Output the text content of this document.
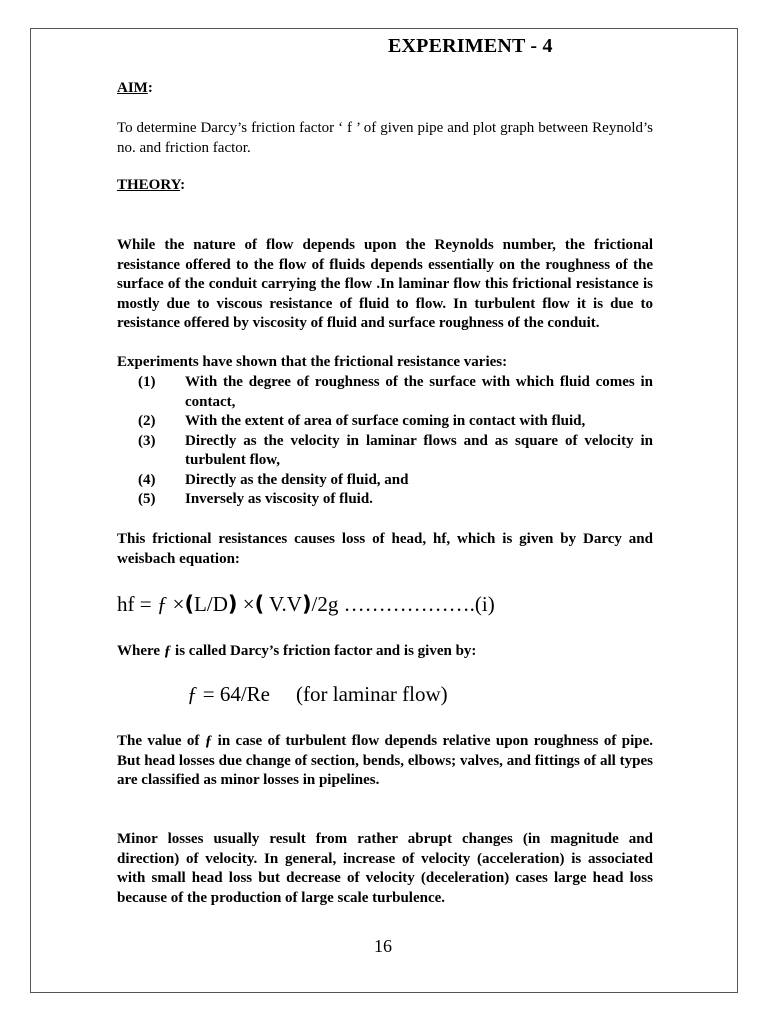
EXPERIMENT - 4
AIM:

To determine Darcy’s friction factor ‘ f ’ of given pipe and plot graph between Reynold’s no. and friction factor.

THEORY:

While the nature of flow depends upon the Reynolds number, the frictional resistance offered to the flow of fluids depends essentially on the roughness of the surface of the conduit carrying the flow .In laminar flow this frictional resistance is mostly due to viscous resistance of fluid to flow. In turbulent flow it is due to resistance offered by viscosity of fluid and surface roughness of the conduit.

Experiments have shown that the frictional resistance varies:

(1)	With the degree of roughness of the surface with which fluid comes in contact,
(2)	With the extent of area of surface coming in contact with fluid,
(3)	Directly as the velocity in laminar flows and as square of velocity in turbulent flow,
(4)	Directly as the density of fluid, and
(5)	Inversely as viscosity of fluid.

This frictional resistances causes loss of head, hf, which is given by Darcy and weisbach equation:

hf = ƒ ×(L/D) ×( V.V)/2g ……………….(i)

Where ƒ is called Darcy’s friction factor and is given by:

ƒ = 64/Re (for laminar flow)

The value of ƒ in case of turbulent flow depends relative upon roughness of pipe. But head losses due change of section, bends, elbows; valves, and fittings of all types are classified as minor losses in pipelines.

Minor losses usually result from rather abrupt changes (in magnitude and direction) of velocity. In general, increase of velocity (acceleration) is associated with small head loss but decrease of velocity (deceleration) cases large head loss because of the production of large scale turbulence.

16
